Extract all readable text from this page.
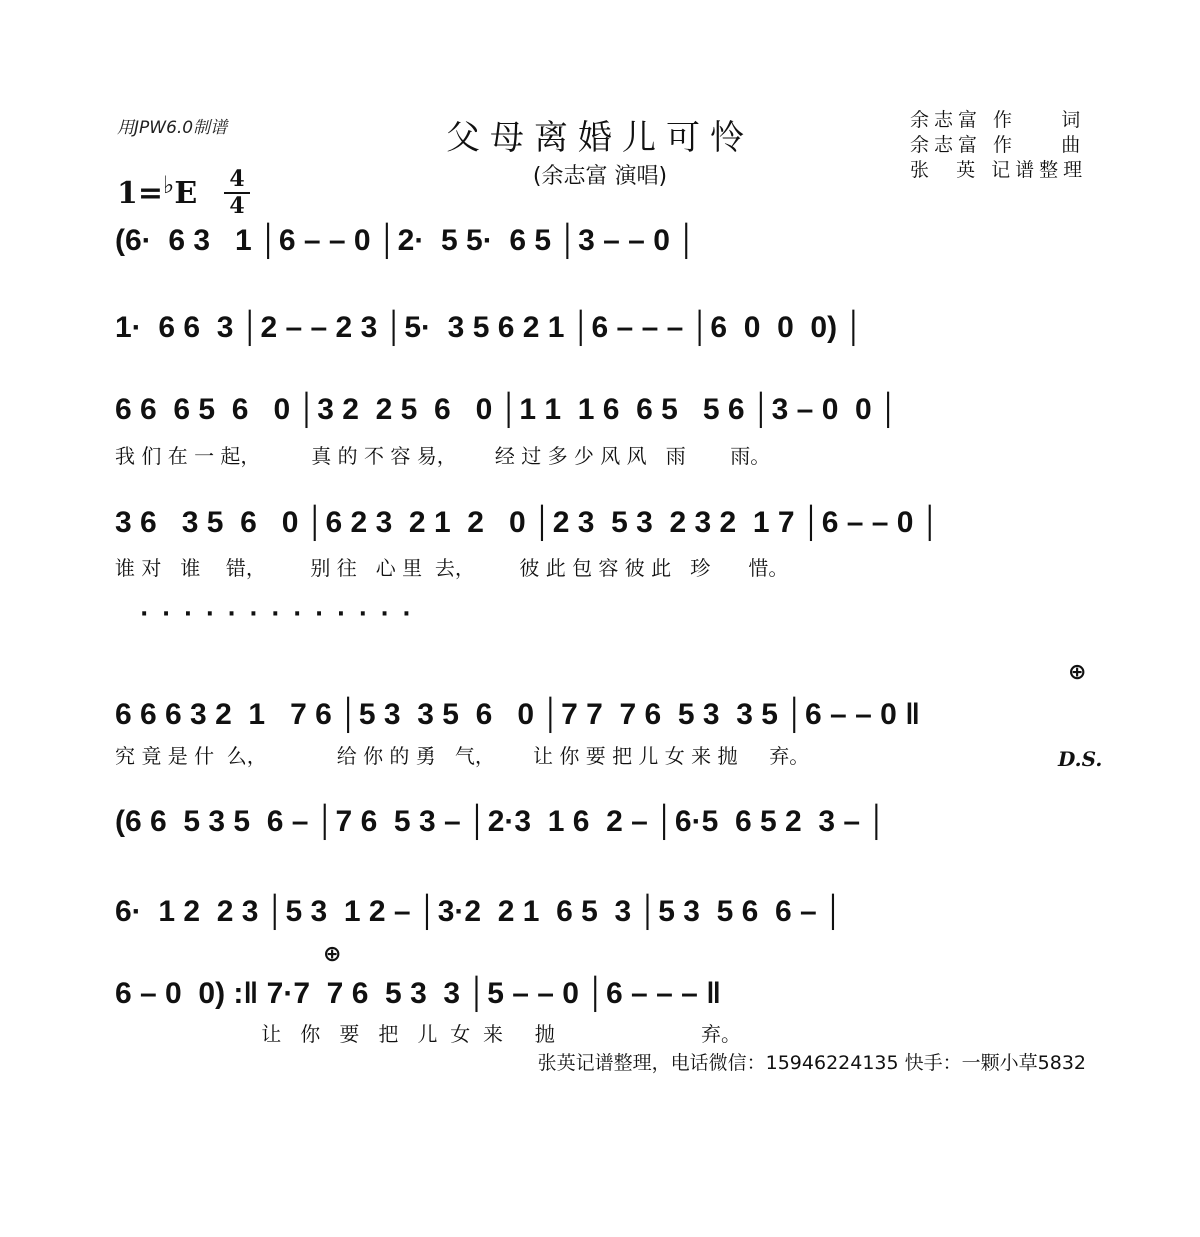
用JPW6.0制谱	父母离婚儿可怜
(余志富 演唱)
余志富 作    词
余志富 作    曲
张  英 记谱整理
1=♭E 4
4
(6·  6 3   1 │6 – – 0 │2·  5 5·  6 5 │3 – – 0 │
1·  6 6  3 │2 – – 2 3 │5·  3 5 6 2 1 │6 – – – │6  0  0  0) │
6 6  6 5  6   0 │3 2  2 5  6   0 │1 1  1 6  6 5   5 6 │3 – 0  0 │
我 们 在 一 起，        真 的 不 容 易，      经 过 多 少 风 风   雨       雨。
3 6   3 5  6   0 │6 2 3  2 1  2   0 │2 3  5 3  2 3 2  1 7 │6 – – 0 │
谁 对   谁    错，       别 往   心 里  去，       彼 此 包 容 彼 此   珍      惜。
·············
⊕
6 6 6 3 2  1   7 6 │5 3  3 5  6   0 │7 7  7 6  5 3  3 5 │6 – – 0 ‖
究 竟 是 什  么，           给 你 的 勇   气，      让 你 要 把 儿 女 来 抛     弃。	D.S.
(6 6  5 3 5  6 – │7 6  5 3 – │2·3  1 6  2 – │6·5  6 5 2  3 – │
6·  1 2  2 3 │5 3  1 2 – │3·2  2 1  6 5  3 │5 3  5 6  6 – │
⊕
6 – 0  0) :‖ 7·7  7 6  5 3  3 │5 – – 0 │6 – – – ‖
让   你   要   把   儿  女  来     抛                       弃。
张英记谱整理，电话微信：15946224135 快手：一颗小草5832
